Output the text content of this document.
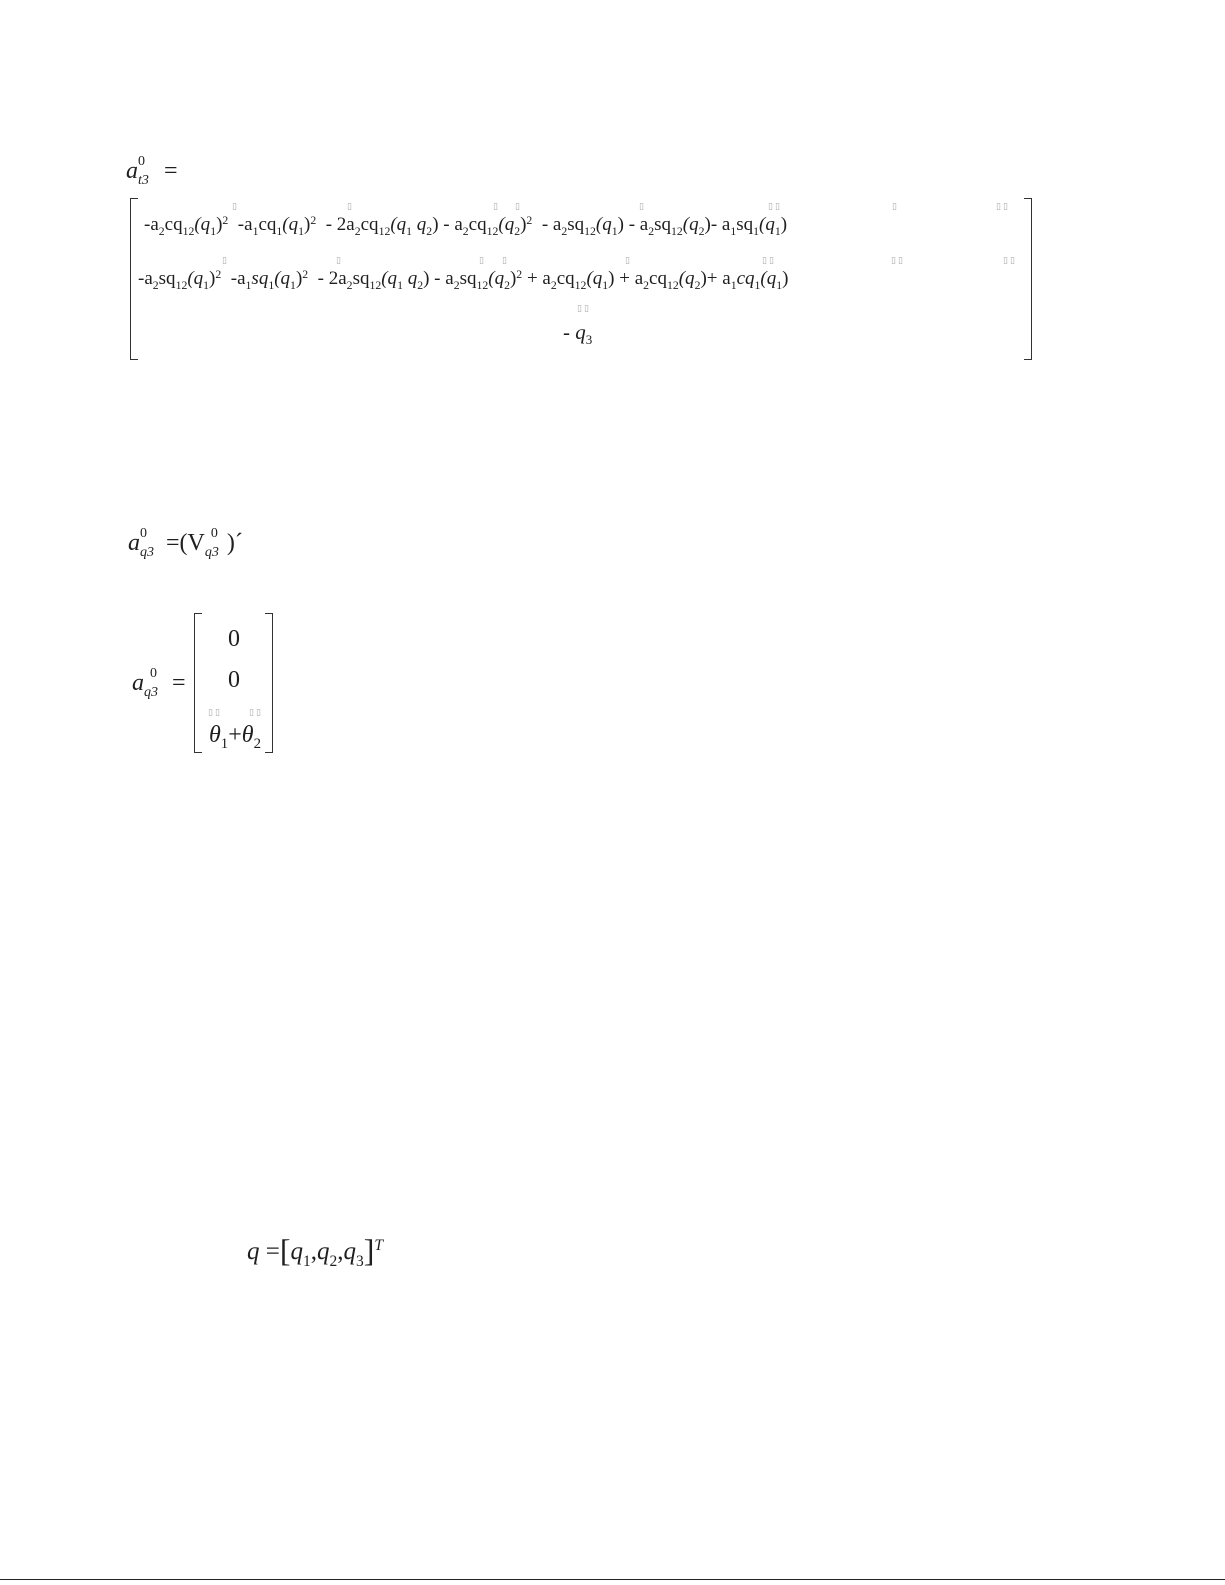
a 0
t3 =
$-a_2cq_{12}(q_1)^2$ $-a_1cq_1(q_1)^2 - 2a_2cq_{12}(q_1$ $q_2) - a_2cq_{12}(q_2)^2 - a_2sq_{12}(q_1) - a_2sq_{12}(q_2)-$ $a_1sq_1(q_1)$
$-a_2sq_{12}(q_1)^2$ $-a_1sq_1(q_1)^2 - 2a_2sq_{12}(q_1$ $q_2) - a_2sq_{12}(q_2)^2 + a_2cq_{12}(q_1) + a_2cq_{12}(q_2)+ a_1cq_1(q_1)$
- $q_3$
▯	▯	▯ ▯	▯	▯ ▯	▯	▯ ▯
▯	▯	▯ ▯	▯	▯ ▯	▯ ▯	▯ ▯
▯ ▯
▯ ▯	▯ ▯
a 0
q3 =(V 0
q3 )´
a 0
q3 =
0
0
$\theta_1+\theta_2$
$q =[q_1,q_2,q_3]^T$
